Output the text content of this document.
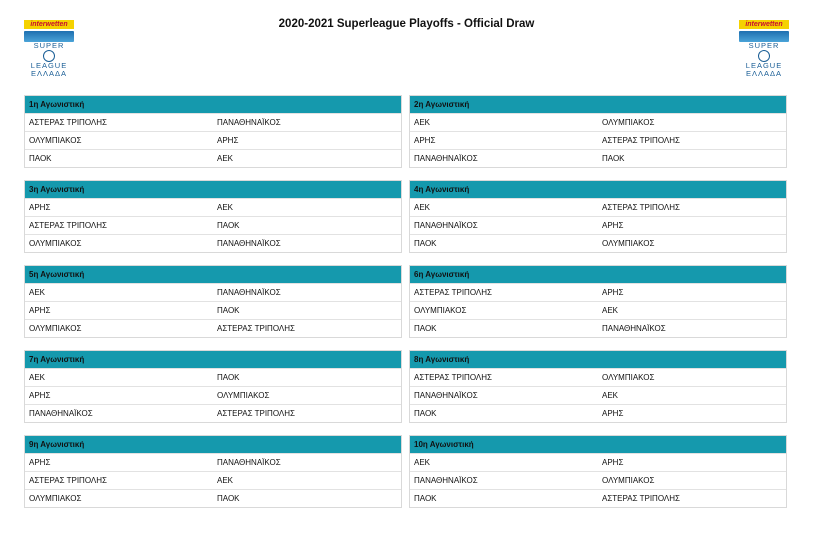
interwetten
SUPER
LEAGUE
ΕΛΛΑΔΑ
2020-2021 Superleague Playoffs - Official Draw	interwetten
SUPER
LEAGUE
ΕΛΛΑΔΑ
1η Αγωνιστική
ΑΣΤΕΡΑΣ ΤΡΙΠΟΛΗΣ	ΠΑΝΑΘΗΝΑΪΚΟΣ
ΟΛΥΜΠΙΑΚΟΣ	ΑΡΗΣ
ΠΑΟΚ	ΑΕΚ
2η Αγωνιστική
ΑΕΚ	ΟΛΥΜΠΙΑΚΟΣ
ΑΡΗΣ	ΑΣΤΕΡΑΣ ΤΡΙΠΟΛΗΣ
ΠΑΝΑΘΗΝΑΪΚΟΣ	ΠΑΟΚ
3η Αγωνιστική
ΑΡΗΣ	ΑΕΚ
ΑΣΤΕΡΑΣ ΤΡΙΠΟΛΗΣ	ΠΑΟΚ
ΟΛΥΜΠΙΑΚΟΣ	ΠΑΝΑΘΗΝΑΪΚΟΣ
4η Αγωνιστική
ΑΕΚ	ΑΣΤΕΡΑΣ ΤΡΙΠΟΛΗΣ
ΠΑΝΑΘΗΝΑΪΚΟΣ	ΑΡΗΣ
ΠΑΟΚ	ΟΛΥΜΠΙΑΚΟΣ
5η Αγωνιστική
ΑΕΚ	ΠΑΝΑΘΗΝΑΪΚΟΣ
ΑΡΗΣ	ΠΑΟΚ
ΟΛΥΜΠΙΑΚΟΣ	ΑΣΤΕΡΑΣ ΤΡΙΠΟΛΗΣ
6η Αγωνιστική
ΑΣΤΕΡΑΣ ΤΡΙΠΟΛΗΣ	ΑΡΗΣ
ΟΛΥΜΠΙΑΚΟΣ	ΑΕΚ
ΠΑΟΚ	ΠΑΝΑΘΗΝΑΪΚΟΣ
7η Αγωνιστική
ΑΕΚ	ΠΑΟΚ
ΑΡΗΣ	ΟΛΥΜΠΙΑΚΟΣ
ΠΑΝΑΘΗΝΑΪΚΟΣ	ΑΣΤΕΡΑΣ ΤΡΙΠΟΛΗΣ
8η Αγωνιστική
ΑΣΤΕΡΑΣ ΤΡΙΠΟΛΗΣ	ΟΛΥΜΠΙΑΚΟΣ
ΠΑΝΑΘΗΝΑΪΚΟΣ	ΑΕΚ
ΠΑΟΚ	ΑΡΗΣ
9η Αγωνιστική
ΑΡΗΣ	ΠΑΝΑΘΗΝΑΪΚΟΣ
ΑΣΤΕΡΑΣ ΤΡΙΠΟΛΗΣ	ΑΕΚ
ΟΛΥΜΠΙΑΚΟΣ	ΠΑΟΚ
10η Αγωνιστική
ΑΕΚ	ΑΡΗΣ
ΠΑΝΑΘΗΝΑΪΚΟΣ	ΟΛΥΜΠΙΑΚΟΣ
ΠΑΟΚ	ΑΣΤΕΡΑΣ ΤΡΙΠΟΛΗΣ
